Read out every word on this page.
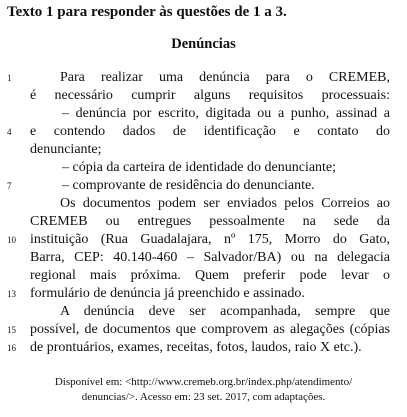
Texto 1 para responder às questões de 1 a 3.
Denúncias
1
4
7
10
13
15
16
Para realizar uma denúncia para o CREMEB,
é necessário cumprir alguns requisitos processuais:
– denúncia por escrito, digitada ou a punho, assinad a
e contendo dados de identificação e contato do
denunciante;
– cópia da carteira de identidade do denunciante;
– comprovante de residência do denunciante.
Os documentos podem ser enviados pelos Correios ao
CREMEB ou entregues pessoalmente na sede da
instituição (Rua Guadalajara, nº 175, Morro do Gato,
Barra, CEP: 40.140-460 – Salvador/BA) ou na delegacia
regional mais próxima. Quem preferir pode levar o
formulário de denúncia já preenchido e assinado.
A denúncia deve ser acompanhada, sempre que
possível, de documentos que comprovem as alegações (cópias
de prontuários, exames, receitas, fotos, laudos, raio X etc.).
Disponível em: <http://www.cremeb.org.br/index.php/atendimento/
denuncias/>. Acesso em: 23 set. 2017, com adaptações.
